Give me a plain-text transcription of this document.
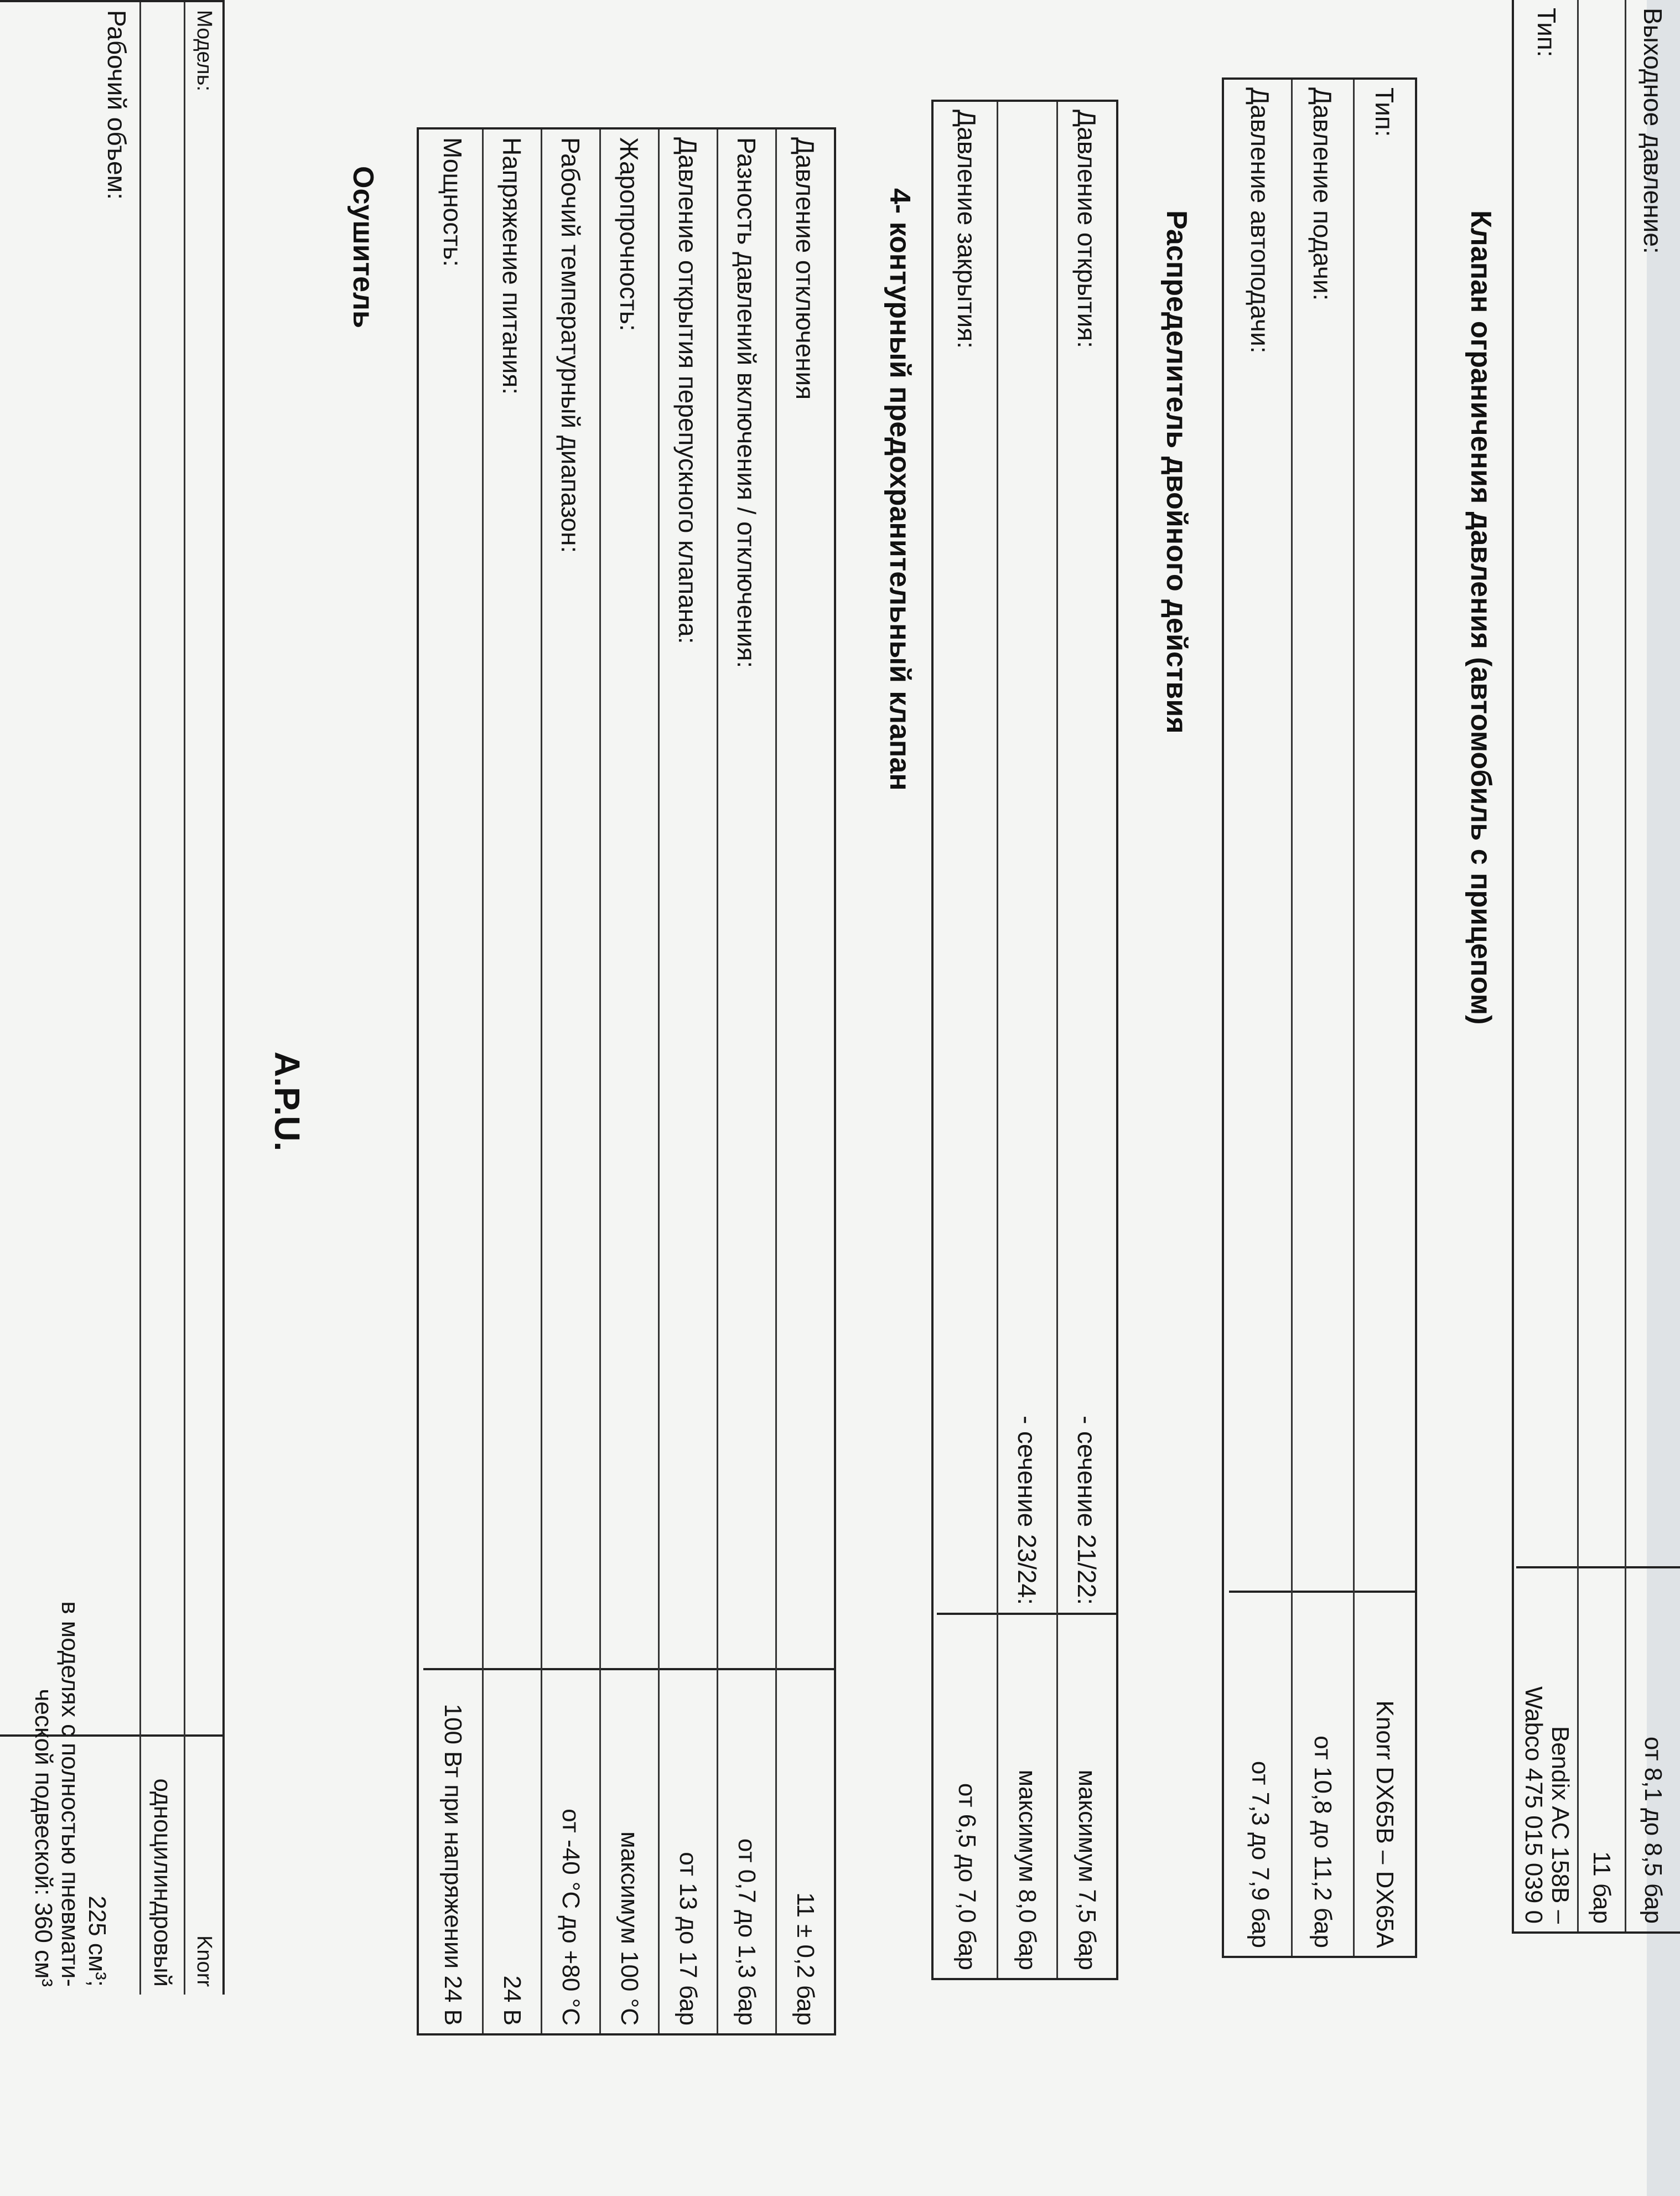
Модель:
Knorr
одноцилиндровый
Рабочий объем:
225 см³;
в моделях с полностью пневмати-
ческой подвеской: 360 см³
A.P.U.
Осушитель	Давление отключения
11 ± 0,2 бар
Разность давлений включения / отключения:
от 0,7 до 1,3 бар
Давление открытия перепускного клапана:
от 13 до 17 бар
Жаропрочность:
максимум 100 °C
Рабочий температурный диапазон:
от -40 °C до +80 °C
Напряжение питания:
24 В
Мощность:
100 Вт при напряжении 24 В
4- контурный предохранительный клапан	Давление открытия:
- сечение 21/22:
максимум 7,5 бар
- сечение 23/24:
максимум 8,0 бар
Давление закрытия:
от 6,5 до 7,0 бар
Распределитель двойного действия
Тип:
Knorr DX65B – DX65A
Давление подачи:
от 10,8 до 11,2 бар
Давление автоподачи:
от 7,3 до 7,9 бар
Клапан ограничения давления (автомобиль с прицепом)
Выходное давление:
от 8,1 до 8,5 бар
11 бар
Тип:
Bendix AC 158B –
Wabco 475 015 039 0
